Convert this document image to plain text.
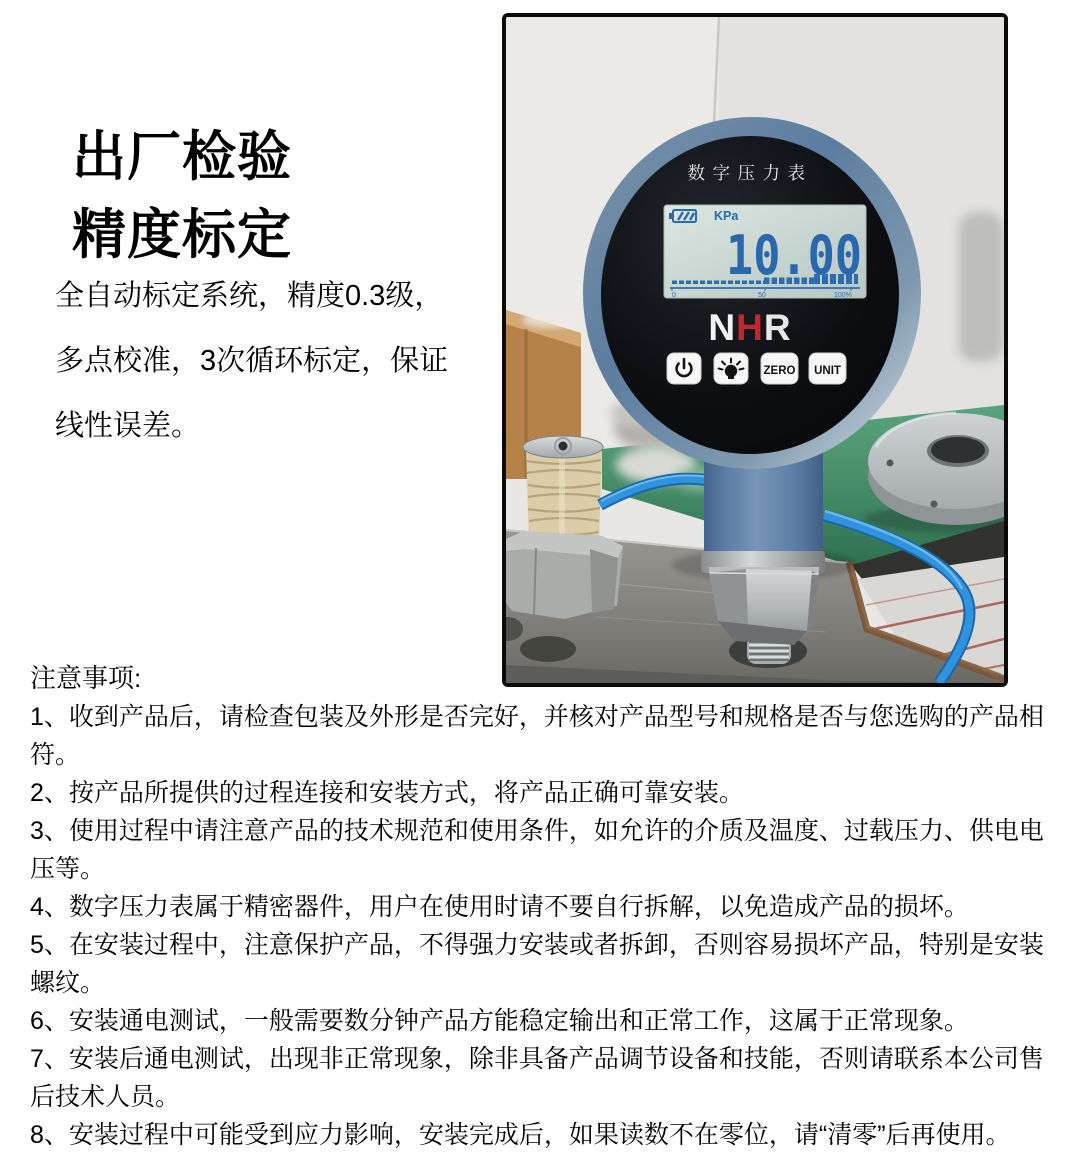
出厂检验
精度标定
全自动标定系统，精度0.3级，
多点校准，3次循环标定，保证
线性误差。
数字压力表
KPa
10.00
0	50	100%
NHR
ZERO UNIT
注意事项:
1、收到产品后，请检查包装及外形是否完好，并核对产品型号和规格是否与您选购的产品相符。
2、按产品所提供的过程连接和安装方式，将产品正确可靠安装。
3、使用过程中请注意产品的技术规范和使用条件，如允许的介质及温度、过载压力、供电电压等。
4、数字压力表属于精密器件，用户在使用时请不要自行拆解，以免造成产品的损坏。
5、在安装过程中，注意保护产品，不得强力安装或者拆卸，否则容易损坏产品，特别是安装螺纹。
6、安装通电测试，一般需要数分钟产品方能稳定输出和正常工作，这属于正常现象。
7、安装后通电测试，出现非正常现象，除非具备产品调节设备和技能，否则请联系本公司售后技术人员。
8、安装过程中可能受到应力影响，安装完成后，如果读数不在零位，请“清零”后再使用。
